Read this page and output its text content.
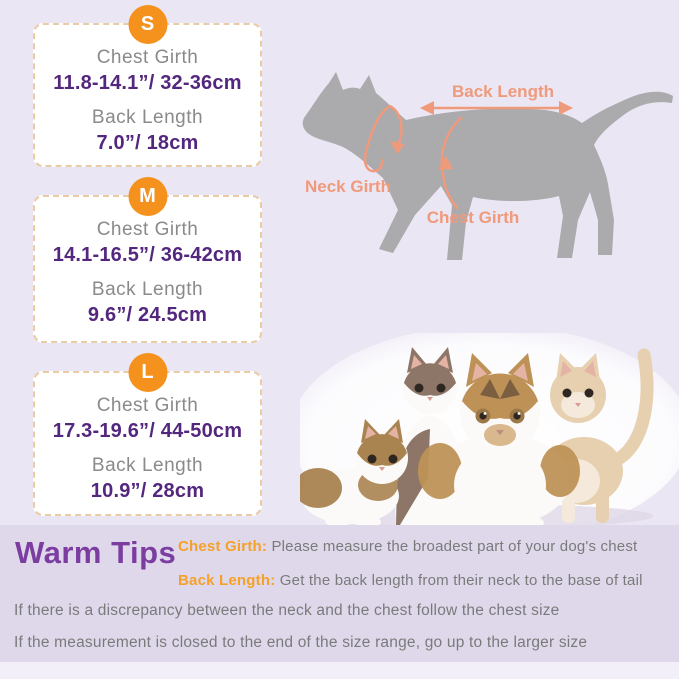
S
Chest Girth
11.8-14.1”/ 32-36cm
Back Length
7.0”/ 18cm
M
Chest Girth
14.1-16.5”/ 36-42cm
Back Length
9.6”/ 24.5cm
L
Chest Girth
17.3-19.6”/ 44-50cm
Back Length
10.9”/ 28cm
Back Length
Neck Girth
Chest Girth
Warm Tips Chest Girth: Please measure the broadest part of your dog's chest

Back Length: Get the back length from their neck to the base of tail

If there is a discrepancy between the neck and the chest follow the chest size

If the measurement is closed to the end of the size range, go up to the larger size
